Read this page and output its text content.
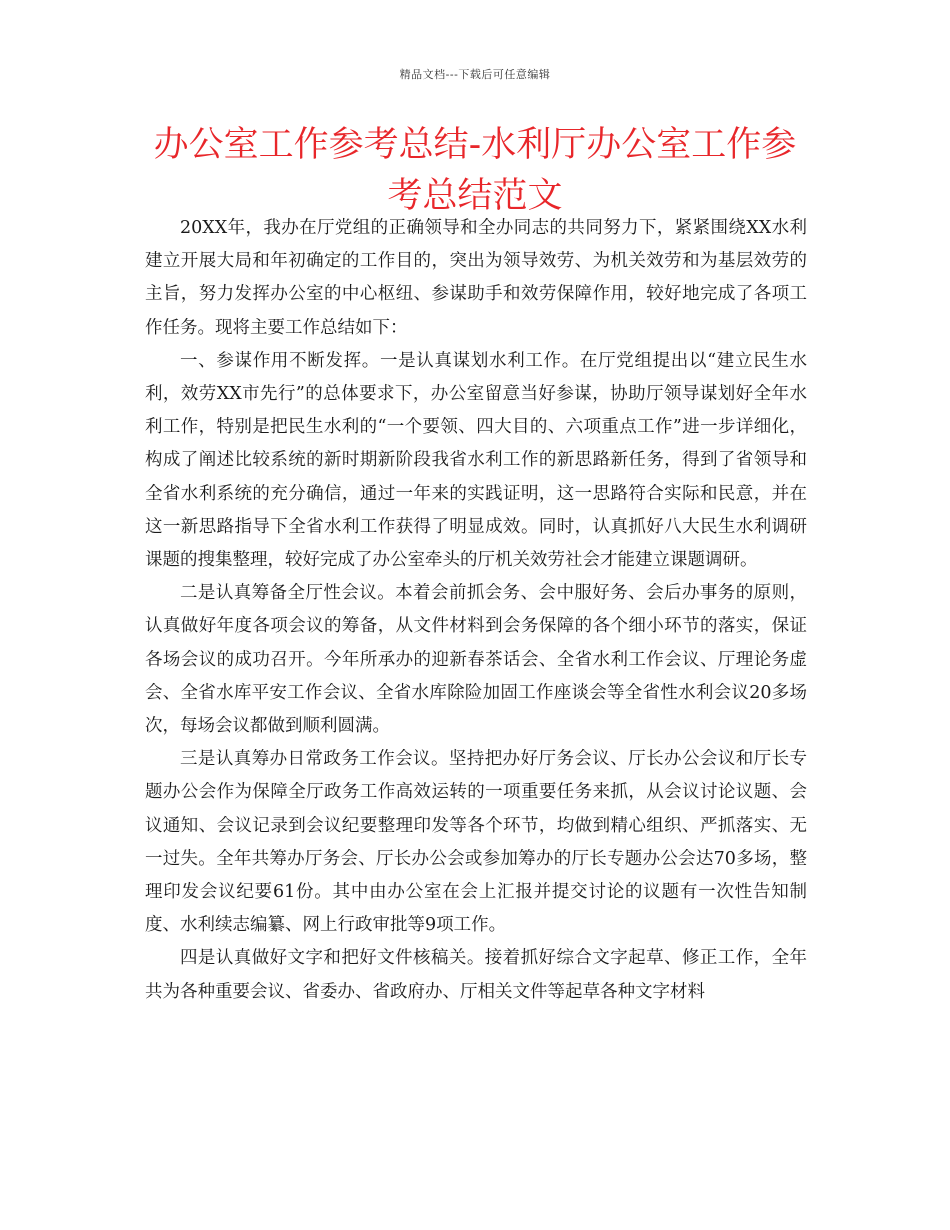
精品文档---下载后可任意编辑
办公室工作参考总结-水利厅办公室工作参考总结范文

20XX年，我办在厅党组的正确领导和全办同志的共同努力下，紧紧围绕XX水利建立开展大局和年初确定的工作目的，突出为领导效劳、为机关效劳和为基层效劳的主旨，努力发挥办公室的中心枢纽、参谋助手和效劳保障作用，较好地完成了各项工作任务。现将主要工作总结如下：

一、参谋作用不断发挥。一是认真谋划水利工作。在厅党组提出以“建立民生水利，效劳XX市先行”的总体要求下，办公室留意当好参谋，协助厅领导谋划好全年水利工作，特别是把民生水利的“一个要领、四大目的、六项重点工作”进一步详细化，构成了阐述比较系统的新时期新阶段我省水利工作的新思路新任务，得到了省领导和全省水利系统的充分确信，通过一年来的实践证明，这一思路符合实际和民意，并在这一新思路指导下全省水利工作获得了明显成效。同时，认真抓好八大民生水利调研课题的搜集整理，较好完成了办公室牵头的厅机关效劳社会才能建立课题调研。

二是认真筹备全厅性会议。本着会前抓会务、会中服好务、会后办事务的原则，认真做好年度各项会议的筹备，从文件材料到会务保障的各个细小环节的落实，保证各场会议的成功召开。今年所承办的迎新春茶话会、全省水利工作会议、厅理论务虚会、全省水库平安工作会议、全省水库除险加固工作座谈会等全省性水利会议20多场次，每场会议都做到顺利圆满。

三是认真筹办日常政务工作会议。坚持把办好厅务会议、厅长办公会议和厅长专题办公会作为保障全厅政务工作高效运转的一项重要任务来抓，从会议讨论议题、会议通知、会议记录到会议纪要整理印发等各个环节，均做到精心组织、严抓落实、无一过失。全年共筹办厅务会、厅长办公会或参加筹办的厅长专题办公会达70多场，整理印发会议纪要61份。其中由办公室在会上汇报并提交讨论的议题有一次性告知制度、水利续志编纂、网上行政审批等9项工作。

四是认真做好文字和把好文件核稿关。接着抓好综合文字起草、修正工作，全年共为各种重要会议、省委办、省政府办、厅相关文件等起草各种文字材料
